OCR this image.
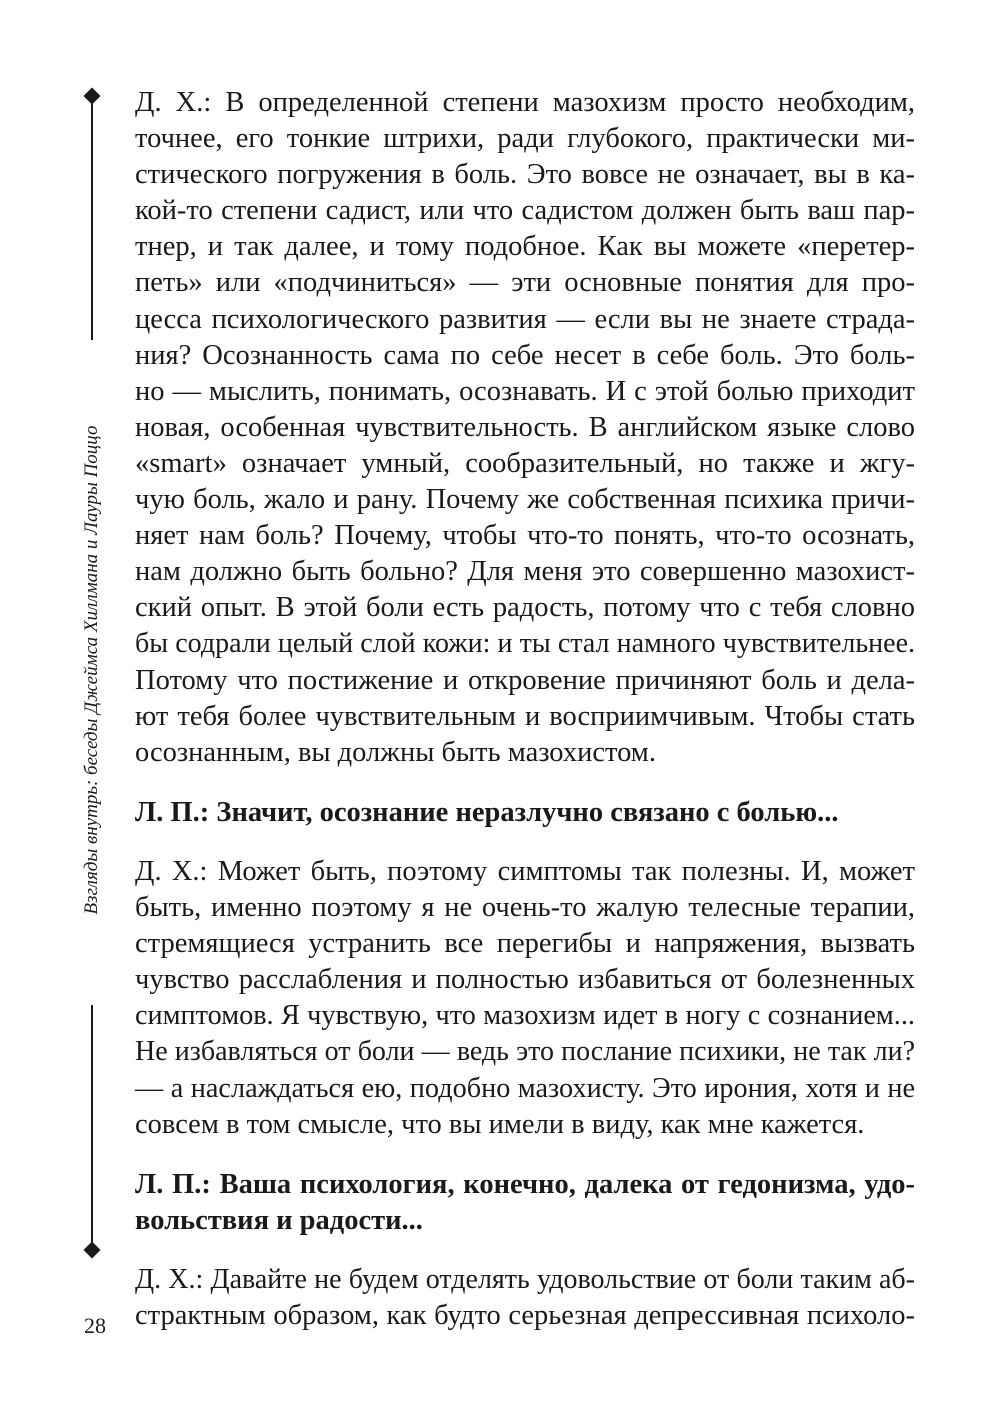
Взгляды внутрь: беседы Джеймса Хиллмана и Лауры Поццо
28
Д. Х.: В определенной степени мазохизм просто необходим,
точнее, его тонкие штрихи, ради глубокого, практически ми-
стического погружения в боль. Это вовсе не означает, вы в ка-
кой-то степени садист, или что садистом должен быть ваш пар-
тнер, и так далее, и тому подобное. Как вы можете «перетер-
петь» или «подчиниться» — эти основные понятия для про-
цесса психологического развития — если вы не знаете страда-
ния? Осознанность сама по себе несет в себе боль. Это боль-
но — мыслить, понимать, осознавать. И с этой болью приходит
новая, особенная чувствительность. В английском языке слово
«smart» означает умный, сообразительный, но также и жгу-
чую боль, жало и рану. Почему же собственная психика причи-
няет нам боль? Почему, чтобы что-то понять, что-то осознать,
нам должно быть больно? Для меня это совершенно мазохист-
ский опыт. В этой боли есть радость, потому что с тебя словно
бы содрали целый слой кожи: и ты стал намного чувствительнее.
Потому что постижение и откровение причиняют боль и дела-
ют тебя более чувствительным и восприимчивым. Чтобы стать
осознанным, вы должны быть мазохистом.
Л. П.: Значит, осознание неразлучно связано с болью...
Д. Х.: Может быть, поэтому симптомы так полезны. И, может
быть, именно поэтому я не очень-то жалую телесные терапии,
стремящиеся устранить все перегибы и напряжения, вызвать
чувство расслабления и полностью избавиться от болезненных
симптомов. Я чувствую, что мазохизм идет в ногу с сознанием...
Не избавляться от боли — ведь это послание психики, не так ли?
— а наслаждаться ею, подобно мазохисту. Это ирония, хотя и не
совсем в том смысле, что вы имели в виду, как мне кажется.
Л. П.: Ваша психология, конечно, далека от гедонизма, удо-
вольствия и радости...
Д. Х.: Давайте не будем отделять удовольствие от боли таким аб-
страктным образом, как будто серьезная депрессивная психоло-
